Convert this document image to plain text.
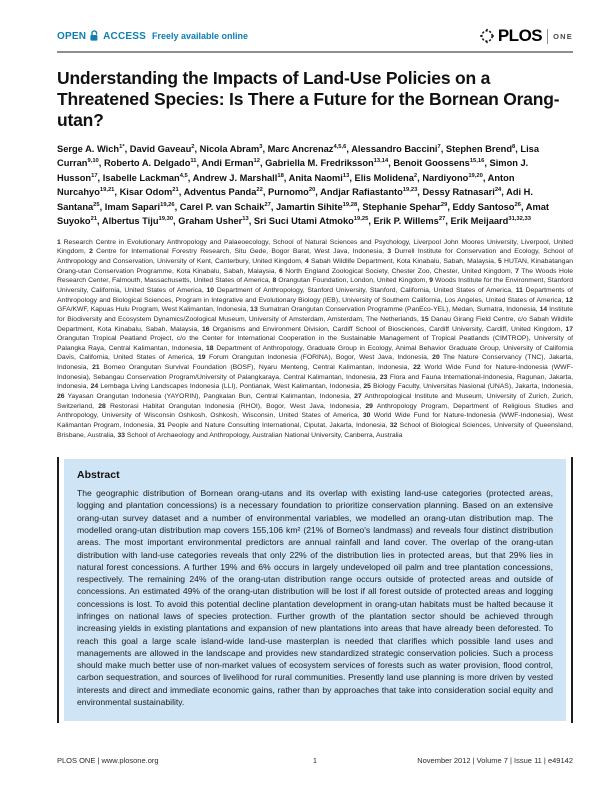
OPEN ACCESS Freely available online	PLOS ONE
Understanding the Impacts of Land-Use Policies on a Threatened Species: Is There a Future for the Bornean Orang-utan?

Serge A. Wich$^{1*}$, David Gaveau$^2$, Nicola Abram$^3$, Marc Ancrenaz$^{4,5,6}$, Alessandro Baccini$^7$, Stephen Brend$^8$, Lisa Curran$^{9,10}$, Roberto A. Delgado$^{11}$, Andi Erman$^{12}$, Gabriella M. Fredriksson$^{13,14}$, Benoit Goossens$^{15,16}$, Simon J. Husson$^{17}$, Isabelle Lackman$^{4,5}$, Andrew J. Marshall$^{18}$, Anita Naomi$^{13}$, Elis Molidena$^2$, Nardiyono$^{19,20}$, Anton Nurcahyo$^{19,21}$, Kisar Odom$^{21}$, Adventus Panda$^{22}$, Purnomo$^{20}$, Andjar Rafiastanto$^{19,23}$, Dessy Ratnasari$^{24}$, Adi H. Santana$^{25}$, Imam Sapari$^{19,26}$, Carel P. van Schaik$^{27}$, Jamartin Sihite$^{19,28}$, Stephanie Spehar$^{29}$, Eddy Santoso$^{26}$, Amat Suyoko$^{21}$, Albertus Tiju$^{19,30}$, Graham Usher$^{13}$, Sri Suci Utami Atmoko$^{19,25}$, Erik P. Willems$^{27}$, Erik Meijaard$^{31,32,33}$

1 Research Centre in Evolutionary Anthropology and Palaeoecology, School of Natural Sciences and Psychology, Liverpool John Moores University, Liverpool, United Kingdom, 2 Centre for International Forestry Research, Situ Gede, Bogor Barat, West Java, Indonesia, 3 Durrell Institute for Conservation and Ecology, School of Anthropology and Conservation, University of Kent, Canterbury, United Kingdom, 4 Sabah Wildlife Department, Kota Kinabalu, Sabah, Malaysia, 5 HUTAN, Kinabatangan Orang-utan Conservation Programme, Kota Kinabalu, Sabah, Malaysia, 6 North England Zoological Society, Chester Zoo, Chester, United Kingdom, 7 The Woods Hole Research Center, Falmouth, Massachusetts, United States of America, 8 Orangutan Foundation, London, United Kingdom, 9 Woods Institute for the Environment, Stanford University, California, United States of America, 10 Department of Anthropology, Stanford University, Stanford, California, United States of America, 11 Departments of Anthropology and Biological Sciences, Program in Integrative and Evolutionary Biology (IEB), University of Southern California, Los Angeles, United States of America, 12 GFA/KWF, Kapuas Hulu Program, West Kalimantan, Indonesia, 13 Sumatran Orangutan Conservation Programme (PanEco-YEL), Medan, Sumatra, Indonesia, 14 Institute for Biodiversity and Ecosystem Dynamics/Zoological Museum, University of Amsterdam, Amsterdam, The Netherlands, 15 Danau Girang Field Centre, c/o Sabah Wildlife Department, Kota Kinabalu, Sabah, Malaysia, 16 Organisms and Environment Division, Cardiff School of Biosciences, Cardiff University, Cardiff, United Kingdom, 17 Orangutan Tropical Peatland Project, c/o the Center for International Cooperation in the Sustainable Management of Tropical Peatlands (CIMTROP), University of Palangka Raya, Central Kalimantan, Indonesia, 18 Department of Anthropology, Graduate Group in Ecology, Animal Behavior Graduate Group, University of California Davis, California, United States of America, 19 Forum Orangutan Indonesia (FORINA), Bogor, West Java, Indonesia, 20 The Nature Conservancy (TNC), Jakarta, Indonesia, 21 Borneo Orangutan Survival Foundation (BOSF), Nyaru Menteng, Central Kalimantan, Indonesia, 22 World Wide Fund for Nature-Indonesia (WWF-Indonesia), Sebangau Conservation Program/University of Palangkaraya, Central Kalimantan, Indonesia, 23 Flora and Fauna International-Indonesia, Ragunan, Jakarta, Indonesia, 24 Lembaga Living Landscapes Indonesia (LLI), Pontianak, West Kalimantan, Indonesia, 25 Biology Faculty, Universitas Nasional (UNAS), Jakarta, Indonesia, 26 Yayasan Orangutan Indonesia (YAYORIN), Pangkalan Bun, Central Kalimantan, Indonesia, 27 Anthropological Institute and Museum, University of Zurich, Zurich, Switzerland, 28 Restorasi Habitat Orangutan Indonesia (RHOI), Bogor, West Java, Indonesia, 29 Anthropology Program, Department of Religious Studies and Anthropology, University of Wisconsin Oshkosh, Oshkosh, Wisconsin, United States of America, 30 World Wide Fund for Nature-Indonesia (WWF-Indonesia), West Kalimantan Program, Indonesia, 31 People and Nature Consulting International, Ciputat, Jakarta, Indonesia, 32 School of Biological Sciences, University of Queensland, Brisbane, Australia, 33 School of Archaeology and Anthropology, Australian National University, Canberra, Australia

Abstract

The geographic distribution of Bornean orang-utans and its overlap with existing land-use categories (protected areas, logging and plantation concessions) is a necessary foundation to prioritize conservation planning. Based on an extensive orang-utan survey dataset and a number of environmental variables, we modelled an orang-utan distribution map. The modelled orang-utan distribution map covers 155,106 km² (21% of Borneo's landmass) and reveals four distinct distribution areas. The most important environmental predictors are annual rainfall and land cover. The overlap of the orang-utan distribution with land-use categories reveals that only 22% of the distribution lies in protected areas, but that 29% lies in natural forest concessions. A further 19% and 6% occurs in largely undeveloped oil palm and tree plantation concessions, respectively. The remaining 24% of the orang-utan distribution range occurs outside of protected areas and outside of concessions. An estimated 49% of the orang-utan distribution will be lost if all forest outside of protected areas and logging concessions is lost. To avoid this potential decline plantation development in orang-utan habitats must be halted because it infringes on national laws of species protection. Further growth of the plantation sector should be achieved through increasing yields in existing plantations and expansion of new plantations into areas that have already been deforested. To reach this goal a large scale island-wide land-use masterplan is needed that clarifies which possible land uses and managements are allowed in the landscape and provides new standardized strategic conservation policies. Such a process should make much better use of non-market values of ecosystem services of forests such as water provision, flood control, carbon sequestration, and sources of livelihood for rural communities. Presently land use planning is more driven by vested interests and direct and immediate economic gains, rather than by approaches that take into consideration social equity and environmental sustainability.

PLOS ONE | www.plosone.org	1	November 2012 | Volume 7 | Issue 11 | e49142
